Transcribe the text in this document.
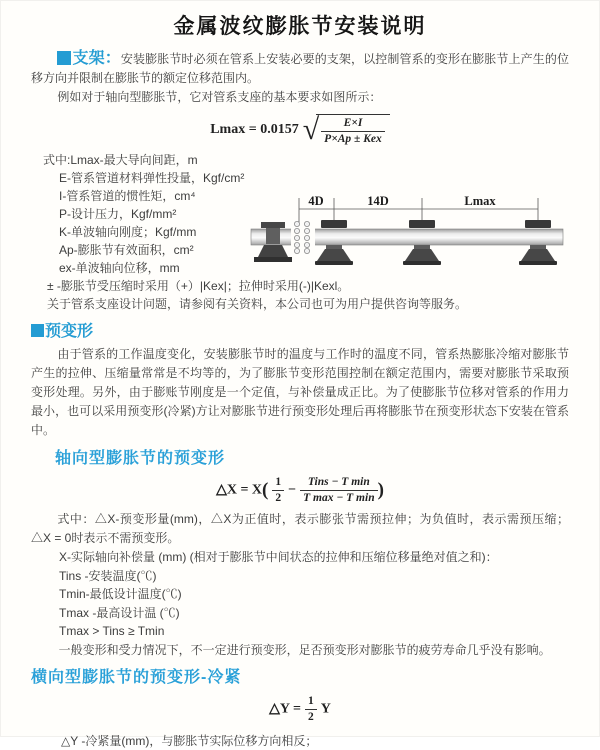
金属波纹膨胀节安装说明

支架：安装膨胀节时必须在管系上安装必要的支架，以控制管系的变形在膨胀节上产生的位移方向并限制在膨胀节的额定位移范围内。

例如对于轴向型膨胀节，它对管系支座的基本要求如图所示：

Lmax = 0.0157 √ $\frac{E\times I}{\text{P×Ap ± Kex}}$
式中:Lmax-最大导向间距，m
E-管系管道材料弹性投量，Kgf/cm²
I-管系管道的惯性矩，cm⁴
P-设计压力，Kgf/mm²
K-单波轴向刚度；Kgf/mm
Ap-膨胀节有效面积，cm²
ex-单波轴向位移，mm
± -膨胀节受压缩时采用（+）|Kex|；拉伸时采用(-)|Kexl。
关于管系支座设计问题，请参阅有关资料，本公司也可为用户提供咨询等服务。
预变形

由于管系的工作温度变化，安装膨胀节时的温度与工作时的温度不同，管系热膨胀冷缩对膨胀节产生的拉伸、压缩量常常是不均等的，为了膨胀节变形范围控制在额定范围内，需要对膨胀节采取预变形处理。另外，由于膨账节刚度是一个定值，与补偿量成正比。为了使膨胀节位移对管系的作用力最小，也可以采用预变形(冷紧)方让对膨胀节进行预变形处理后再将膨胀节在预变形状态下安装在管系中。

轴向型膨胀节的预变形
△X = $X( \frac{1}{2} - \frac{\text{Tins − T min}}{\text{T max − T min}}$ )

式中：△X-预变形量(mm)，△X为正值时，表示膨张节需预拉伸；为负值时，表示需预压缩；△X = 0时表示不需预变形。

X-实际轴向补偿量 (mm) (相对于膨胀节中间状态的拉伸和压缩位移量绝对值之和)：
Tins -安装温度(℃)
Tmin-最低设计温度(℃)
Tmax -最高设计温 (℃)
Tmax > Tins ≥ Tmin
一般变形和受力情况下，不一定进行预变形，足否预变形对膨胀节的疲劳寿命几乎没有影响。
横向型膨胀节的预变形-冷紧
△Y = $\frac{1}{2}$ Y
△Y -冷紧量(mm)，与膨胀节实际位移方向相反；
4D	14D	Lmax
